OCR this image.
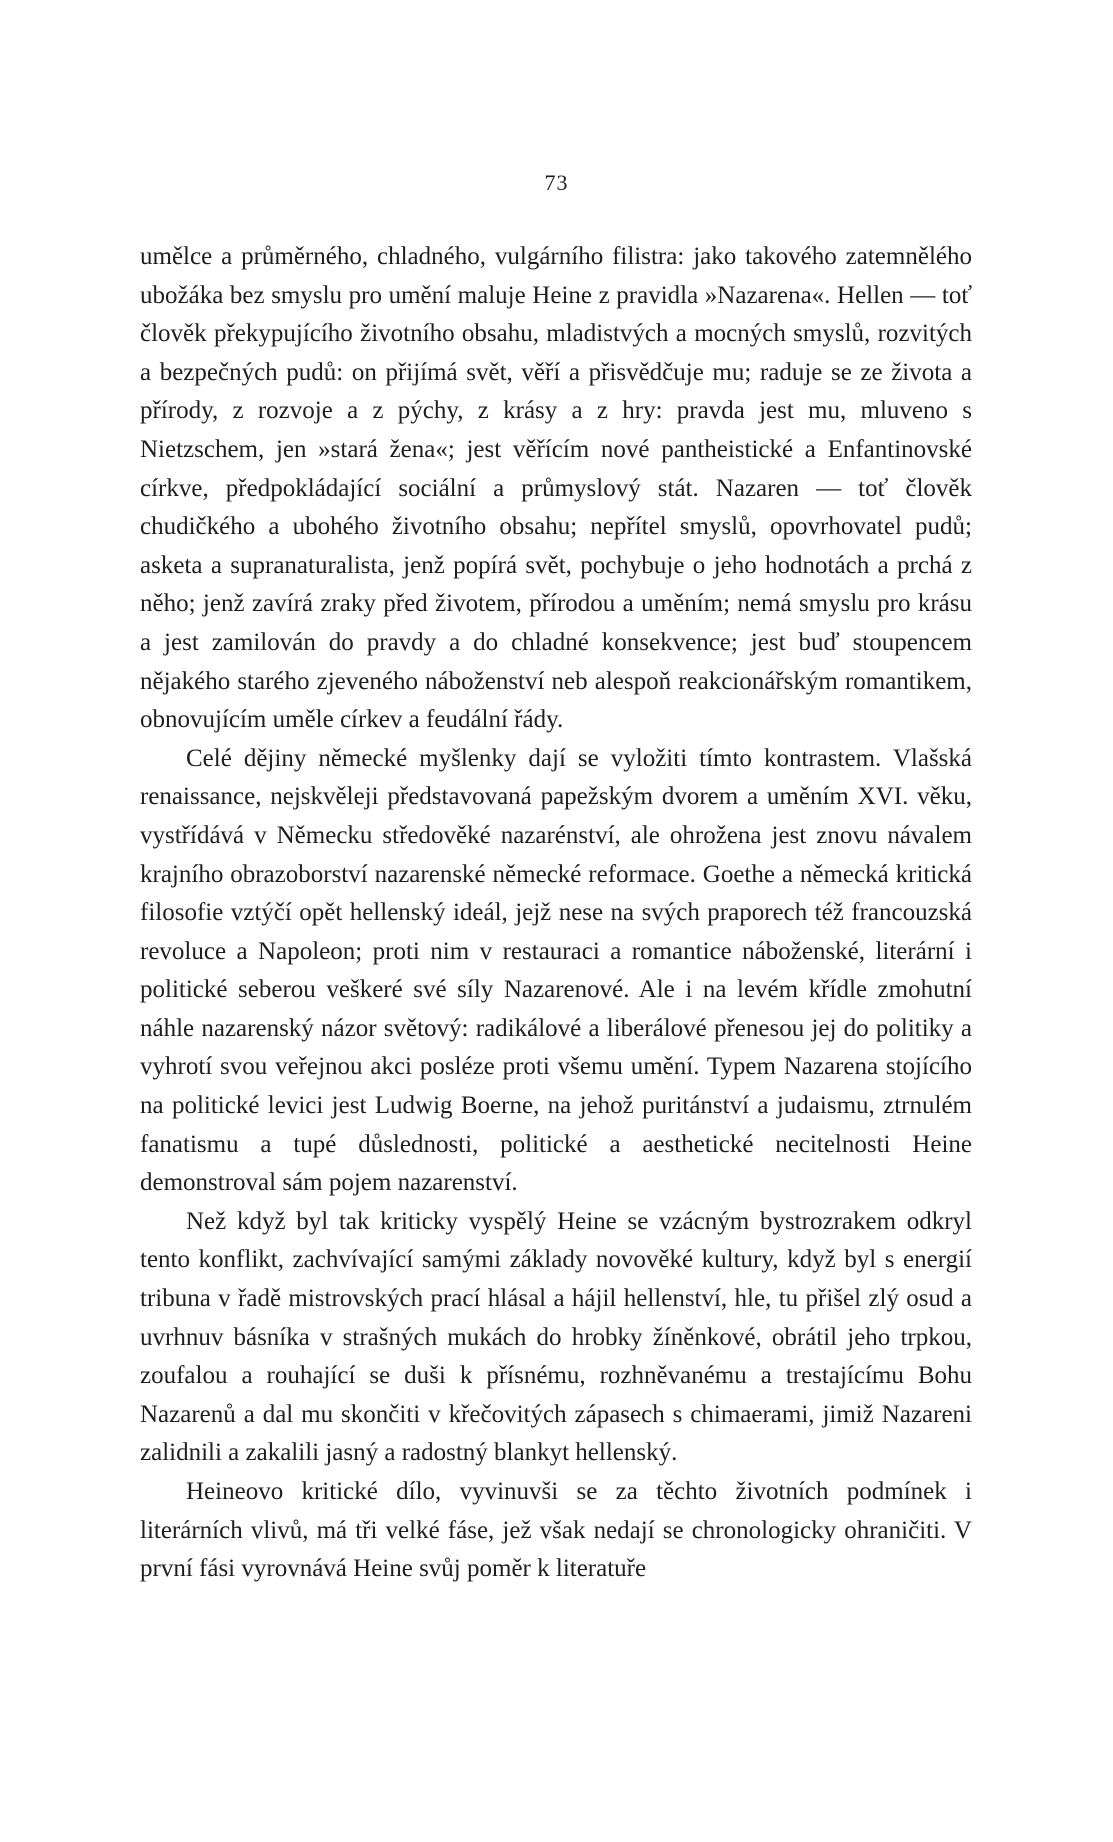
73

umělce a průměrného, chladného, vulgárního filistra: jako takového zatemnělého ubožáka bez smyslu pro umění maluje Heine z pravidla »Nazarena«. Hellen — toť člověk překypujícího životního obsahu, mladistvých a mocných smyslů, rozvitých a bezpečných pudů: on přijímá svět, věří a přisvědčuje mu; raduje se ze života a přírody, z rozvoje a z pýchy, z krásy a z hry: pravda jest mu, mluveno s Nietzschem, jen »stará žena«; jest věřícím nové pantheistické a Enfantinovské církve, předpokládající sociální a průmyslový stát. Nazaren — toť člověk chudičkého a ubohého životního obsahu; nepřítel smyslů, opovrhovatel pudů; asketa a supranaturalista, jenž popírá svět, pochybuje o jeho hodnotách a prchá z něho; jenž zavírá zraky před životem, přírodou a uměním; nemá smyslu pro krásu a jest zamilován do pravdy a do chladné konsekvence; jest buď stoupencem nějakého starého zjeveného náboženství neb alespoň reakcionářským romantikem, obnovujícím uměle církev a feudální řády.

Celé dějiny německé myšlenky dají se vyložiti tímto kontrastem. Vlašská renaissance, nejskvěleji představovaná papežským dvorem a uměním XVI. věku, vystřídává v Německu středověké nazarénství, ale ohrožena jest znovu návalem krajního obrazoborství nazarenské německé reformace. Goethe a německá kritická filosofie vztýčí opět hellenský ideál, jejž nese na svých praporech též francouzská revoluce a Napoleon; proti nim v restauraci a romantice náboženské, literární i politické seberou veškeré své síly Nazarenové. Ale i na levém křídle zmohutní náhle nazarenský názor světový: radikálové a liberálové přenesou jej do politiky a vyhrotí svou veřejnou akci posléze proti všemu umění. Typem Nazarena stojícího na politické levici jest Ludwig Boerne, na jehož puritánství a judaismu, ztrnulém fanatismu a tupé důslednosti, politické a aesthetické necitelnosti Heine demonstroval sám pojem nazarenství.

Než když byl tak kriticky vyspělý Heine se vzácným bystrozrakem odkryl tento konflikt, zachvívající samými základy novověké kultury, když byl s energií tribuna v řadě mistrovských prací hlásal a hájil hellenství, hle, tu přišel zlý osud a uvrhnuv básníka v strašných mukách do hrobky žíněnkové, obrátil jeho trpkou, zoufalou a rouhající se duši k přísnému, rozhněvanému a trestajícímu Bohu Nazarenů a dal mu skončiti v křečovitých zápasech s chimaerami, jimiž Nazareni zalidnili a zakalili jasný a radostný blankyt hellenský.

Heineovo kritické dílo, vyvinuvši se za těchto životních podmínek i literárních vlivů, má tři velké fáse, jež však nedají se chronologicky ohraničiti. V první fási vyrovnává Heine svůj poměr k literatuře
